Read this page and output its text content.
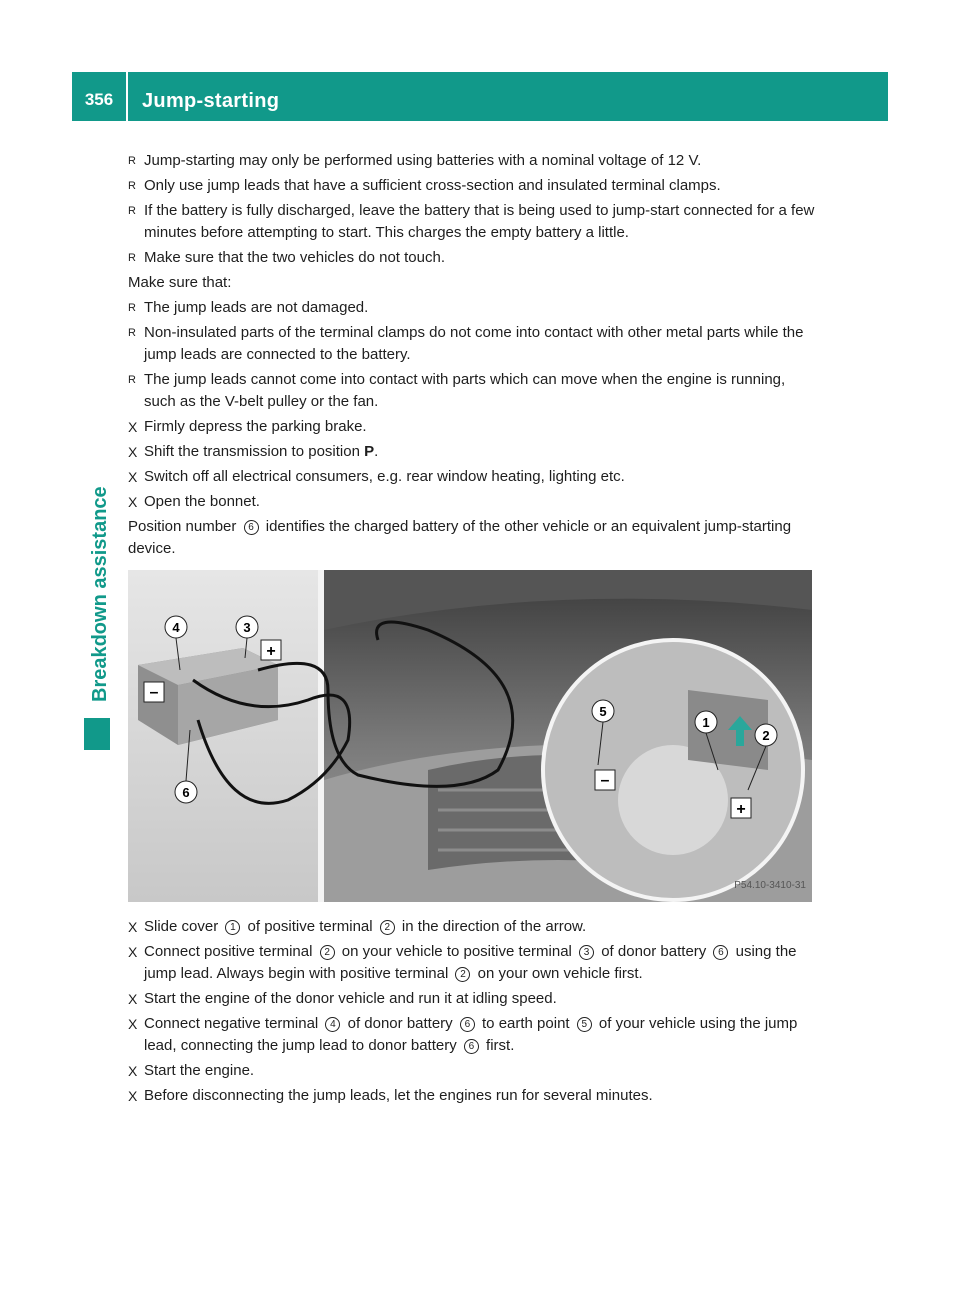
356	Jump-starting
Breakdown assistance
R Jump-starting may only be performed using batteries with a nominal voltage of 12 V.
R Only use jump leads that have a sufficient cross-section and insulated terminal clamps.
R If the battery is fully discharged, leave the battery that is being used to jump-start connected for a few minutes before attempting to start. This charges the empty battery a little.
R Make sure that the two vehicles do not touch.
Make sure that:
R The jump leads are not damaged.
R Non-insulated parts of the terminal clamps do not come into contact with other metal parts while the jump leads are connected to the battery.
R The jump leads cannot come into contact with parts which can move when the engine is running, such as the V-belt pulley or the fan.
X Firmly depress the parking brake.
X Shift the transmission to position P.
X Switch off all electrical consumers, e.g. rear window heating, lighting etc.
X Open the bonnet.
Position number 6 identifies the charged battery of the other vehicle or an equivalent jump-starting device.
4	3
6
5
1
2
+
–
–
+
P54.10-3410-31
X Slide cover 1 of positive terminal 2 in the direction of the arrow.
X Connect positive terminal 2 on your vehicle to positive terminal 3 of donor battery 6 using the jump lead. Always begin with positive terminal 2 on your own vehicle first.
X Start the engine of the donor vehicle and run it at idling speed.
X Connect negative terminal 4 of donor battery 6 to earth point 5 of your vehicle using the jump lead, connecting the jump lead to donor battery 6 first.
X Start the engine.
X Before disconnecting the jump leads, let the engines run for several minutes.
